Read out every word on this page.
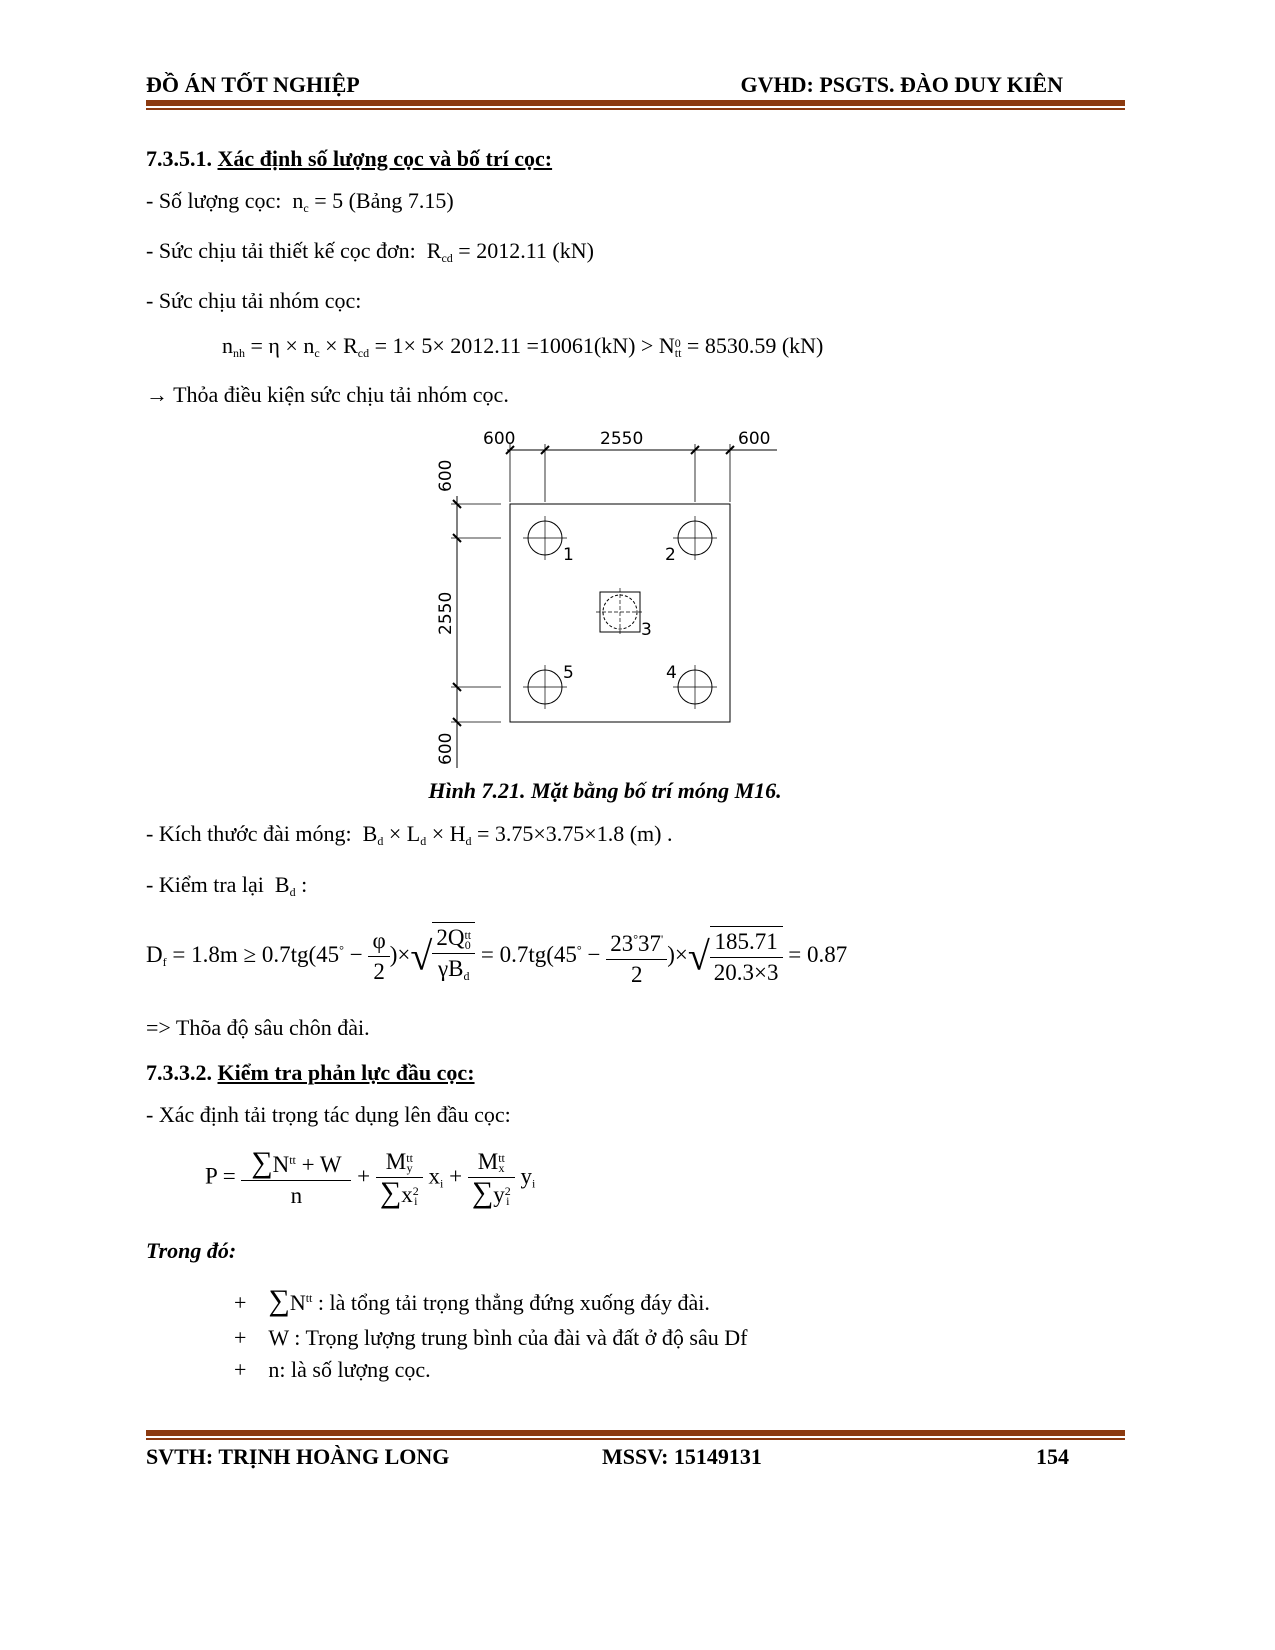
ĐỒ ÁN TỐT NGHIỆP	GVHD: PSGTS. ĐÀO DUY KIÊN
7.3.5.1. Xác định số lượng cọc và bố trí cọc:
- Số lượng cọc: $n_c = 5$ (Bảng 7.15)
- Sức chịu tải thiết kế cọc đơn: $R_{cd} = 2012.11$ (kN)
- Sức chịu tải nhóm cọc:
$n_{nh} = \eta \times n_c \times R_{cd} = 1\times 5\times 2012.11 =10061(kN) > N$ 0
tt = 8530.59 (kN)
→ Thỏa điều kiện sức chịu tải nhóm cọc.
600	2550	600
600
2550
600
1	2
3
5	4
Hình 7.21. Mặt bằng bố trí móng M16.
- Kích thước đài móng: $B_d \times L_d \times H_d = 3.75\times 3.75\times 1.8$ (m) .
- Kiểm tra lại $B_d$ :
$D_f = 1.8m \ge 0.7tg(45^\circ - \frac{\varphi}{2}$ )×√ 2Q tt
0
$\gamma B_d = 0.7tg(45^\circ - \frac{23^\circ 37'}{2}$ )×√ $\frac{185.71}{20.3\times 3} = 0.87$
=> Thõa độ sâu chôn đài.
7.3.3.2. Kiểm tra phản lực đầu cọc:
- Xác định tải trọng tác dụng lên đầu cọc:
$P = \frac{\sum N^{tt} + W}{n} + M$ tt
y
∑x 2
i $x_i + M$ tt
x
∑y 2
i $y_i$
Trong đó:
+ $\sum N^{tt}$ : là tổng tải trọng thẳng đứng xuống đáy đài.
+ W : Trọng lượng trung bình của đài và đất ở độ sâu Df
+ n: là số lượng cọc.
SVTH: TRỊNH HOÀNG LONG	MSSV: 15149131	154
